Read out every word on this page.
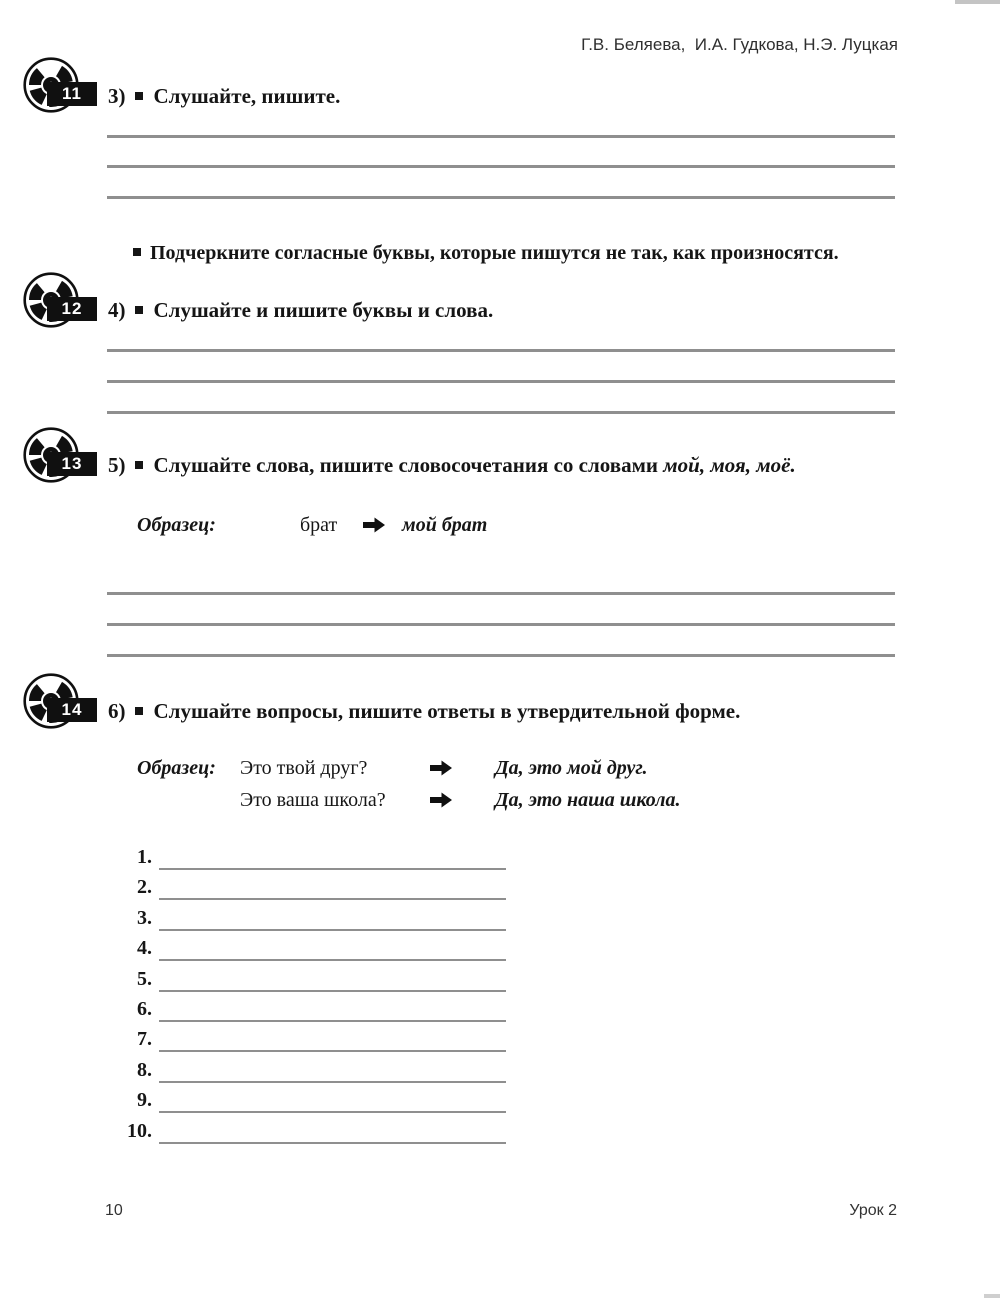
Г.В. Беляева,  И.А. Гудкова, Н.Э. Луцкая
11	3) Слушайте, пишите.
Подчеркните согласные буквы, которые пишутся не так, как произносятся.
12	4) Слушайте и пишите буквы и слова.
13	5) Слушайте слова, пишите словосочетания со словами мой, моя, моё.
Образец:	брат	мой брат
14	6) Слушайте вопросы, пишите ответы в утвердительной форме.
Образец: Это твой друг?	Да, это мой друг.
Это ваша школа?	Да, это наша школа.
1.
2.
3.
4.
5.
6.
7.
8.
9.
10.
10	Урок 2
